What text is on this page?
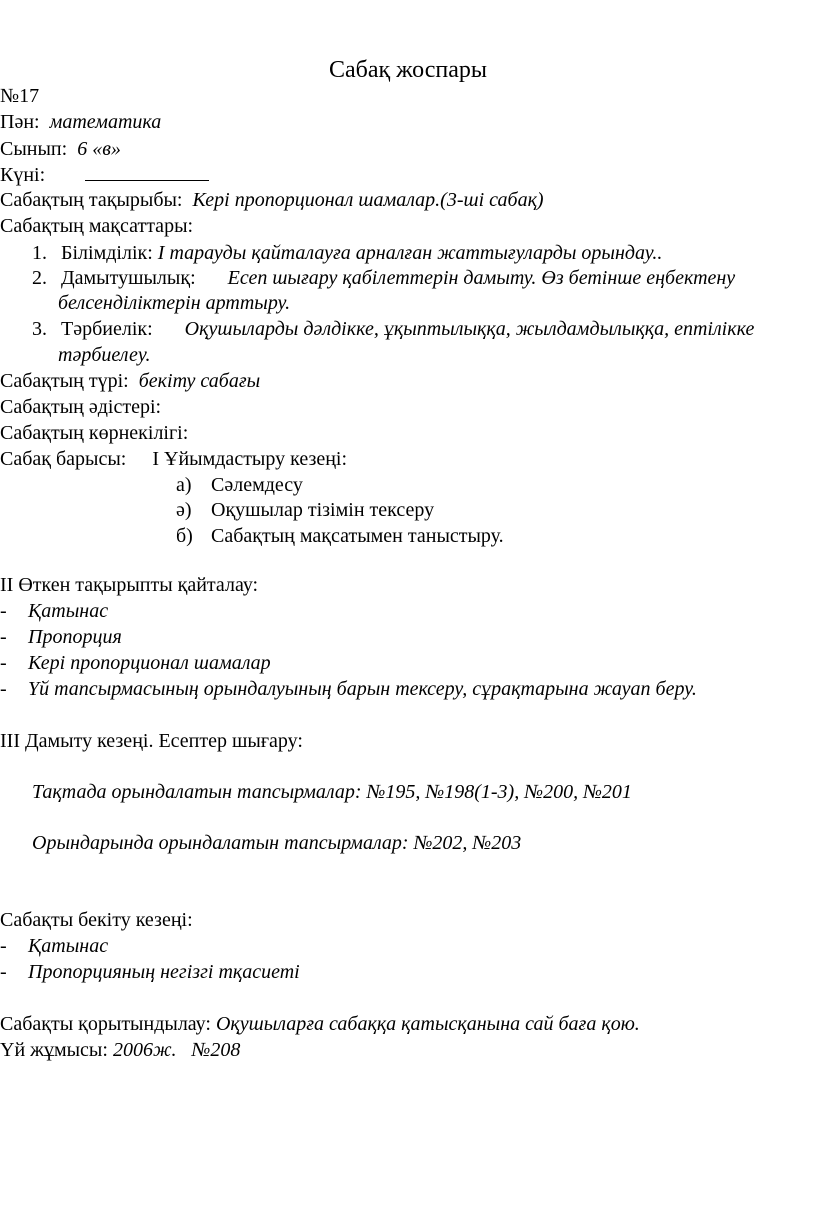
Сабақ жоспары
№17
Пән: математика
Сынып: 6 «в»
Күні:
Сабақтың тақырыбы: Кері пропорционал шамалар.(3-ші сабақ)
Сабақтың мақсаттары:
1. Білімділік: І тарауды қайталауға арналған жаттығуларды орындау..
2. Дамытушылық: Есеп шығару қабілеттерін дамыту. Өз бетінше еңбектену
белсенділіктерін арттыру.
3. Тәрбиелік: Оқушыларды дәлдікке, ұқыптылыққа, жылдамдылыққа, ептілікке
тәрбиелеу.
Сабақтың түрі: бекіту сабағы
Сабақтың әдістері:
Сабақтың көрнекілігі:
Сабақ барысы: І Ұйымдастыру кезеңі:
а) Сәлемдесу
ә) Оқушылар тізімін тексеру
б) Сабақтың мақсатымен таныстыру.
ІІ Өткен тақырыпты қайталау:
- Қатынас
- Пропорция
- Кері пропорционал шамалар
- Үй тапсырмасының орындалуының барын тексеру, сұрақтарына жауап беру.
ІІІ Дамыту кезеңі. Есептер шығару:
Тақтада орындалатын тапсырмалар: №195, №198(1-3), №200, №201
Орындарында орындалатын тапсырмалар: №202, №203
Сабақты бекіту кезеңі:
- Қатынас
- Пропорцияның негізгі тқасиеті
Сабақты қорытындылау: Оқушыларға сабаққа қатысқанына сай баға қою.
Үй жұмысы: 2006ж.   №208
